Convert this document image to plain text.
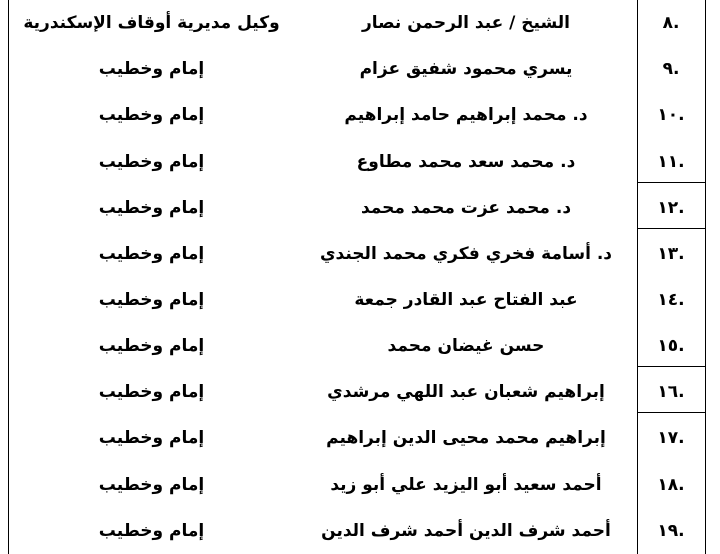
.٨	الشيخ / عبد الرحمن نصار	وكيل مديرية أوقاف الإسكندرية
.٩	يسري محمود شفيق عزام	إمام وخطيب
.١٠	د. محمد إبراهيم حامد إبراهيم	إمام وخطيب
.١١	د. محمد سعد محمد مطاوع	إمام وخطيب
.١٢	د. محمد عزت محمد محمد	إمام وخطيب
.١٣	د. أسامة فخري فكري محمد الجندي	إمام وخطيب
.١٤	عبد الفتاح عبد القادر جمعة	إمام وخطيب
.١٥	حسن غيضان محمد	إمام وخطيب
.١٦	إبراهيم شعبان عبد اللهي مرشدي	إمام وخطيب
.١٧	إبراهيم محمد محيى الدين إبراهيم	إمام وخطيب
.١٨	أحمد سعيد أبو اليزيد علي أبو زيد	إمام وخطيب
.١٩	أحمد شرف الدين أحمد شرف الدين	إمام وخطيب
